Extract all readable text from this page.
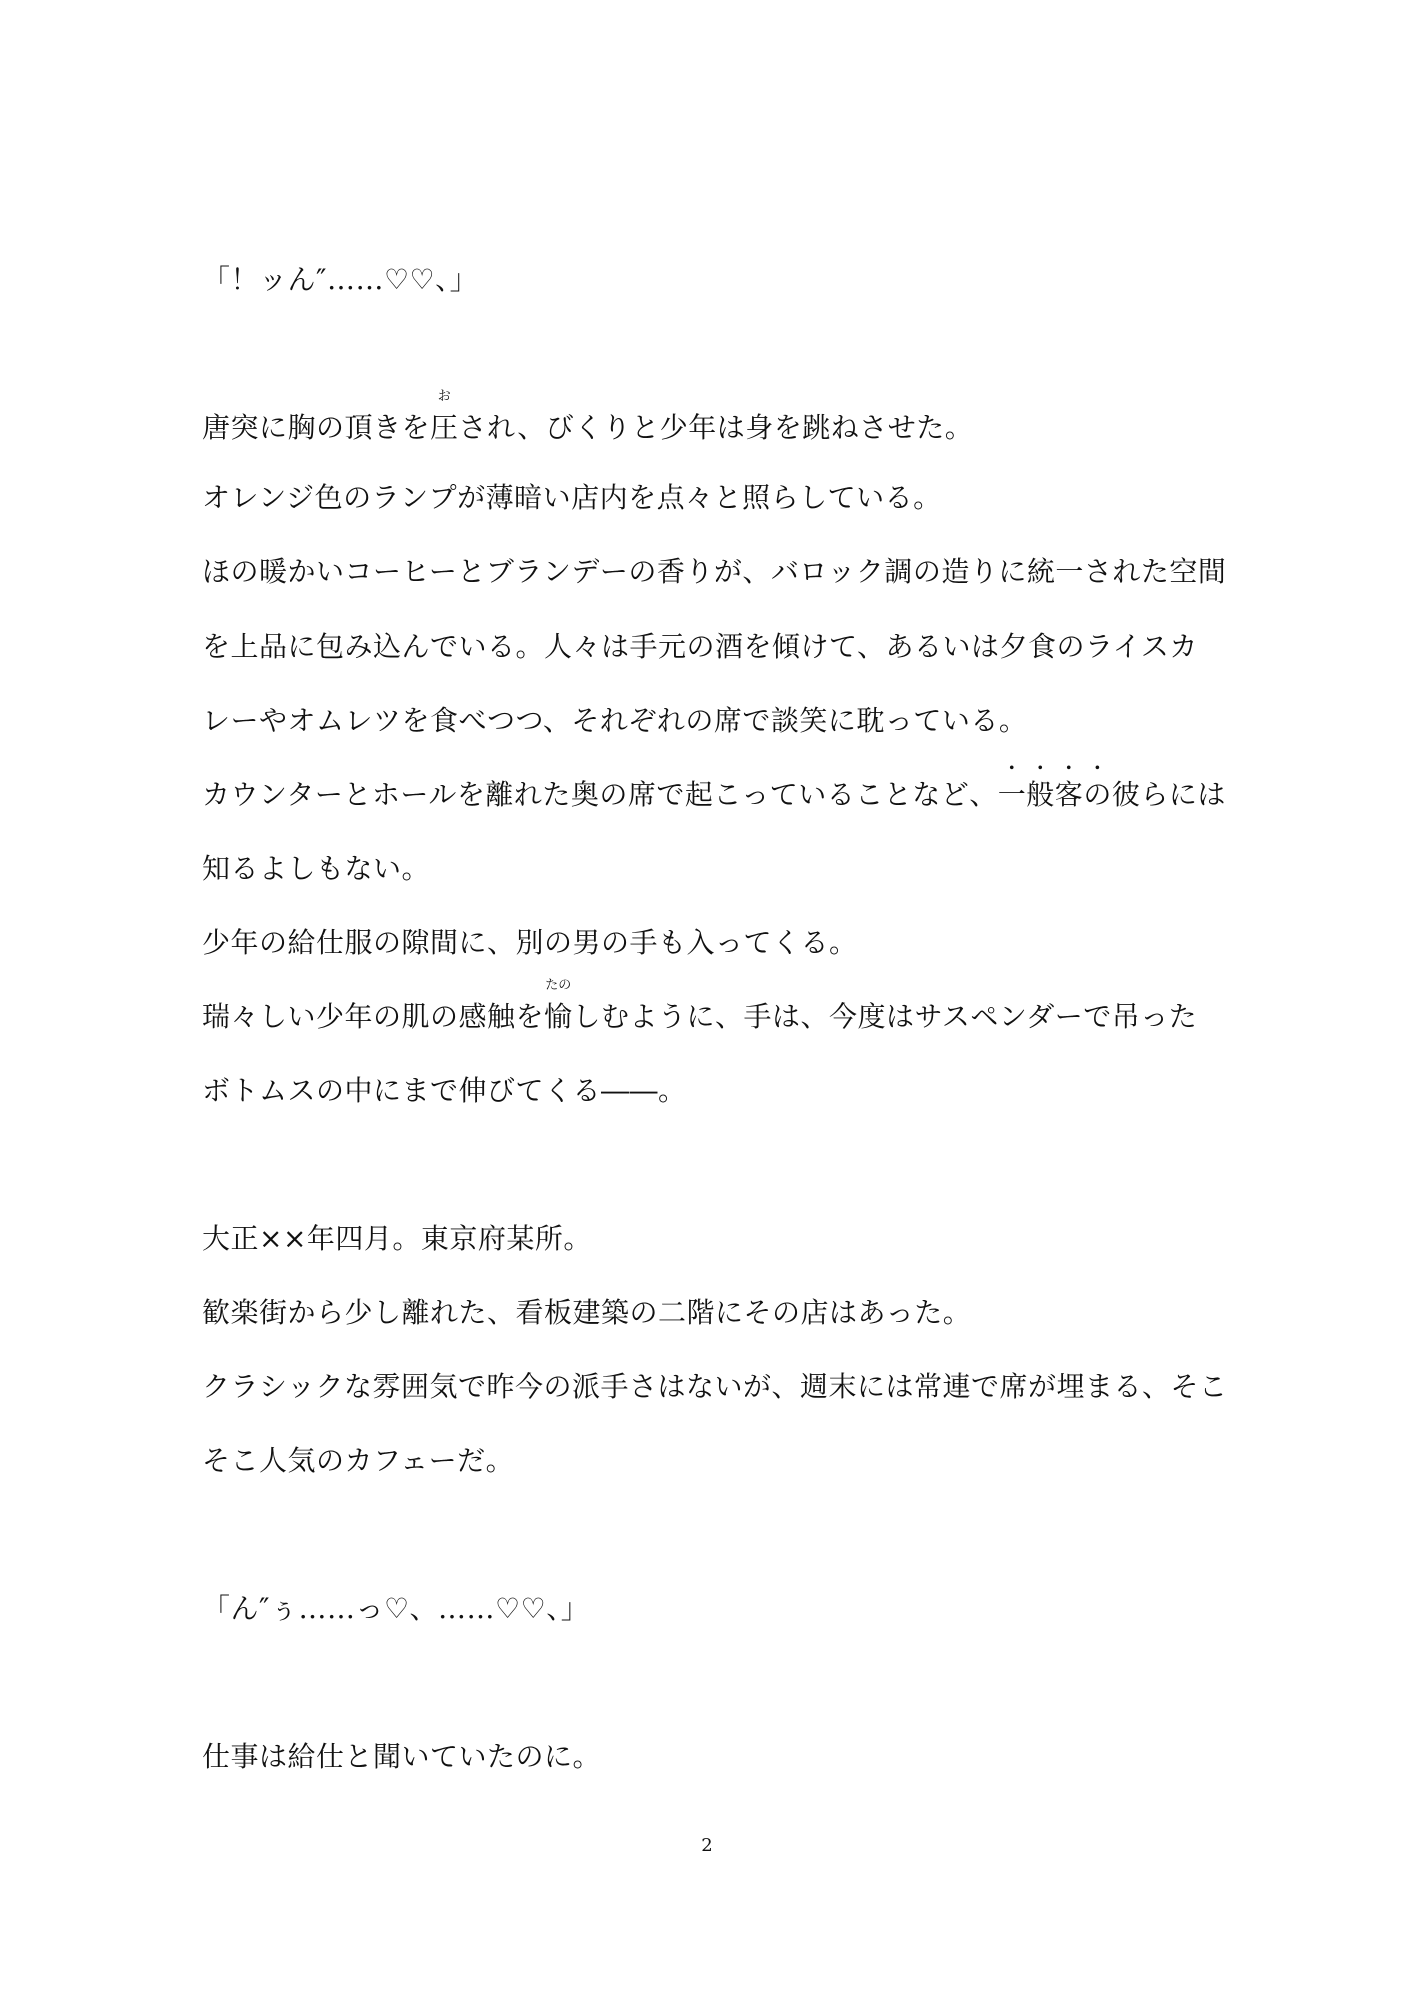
「！ッん″……♡♡、」
唐突に胸の頂きを
お
圧され、びくりと少年は身を跳ねさせた。
オレンジ色のランプが薄暗い店内を点々と照らしている。
ほの暖かいコーヒーとブランデーの香りが、バロック調の造りに統一された空間
を上品に包み込んでいる。人々は手元の酒を傾けて、あるいは夕食のライスカ
レーやオムレツを食べつつ、それぞれの席で談笑に耽っている。
カウンターとホールを離れた奥の席で起こっていることなど、
・
一
・
般
・
客
・
の彼らには
知るよしもない。
少年の給仕服の隙間に、別の男の手も入ってくる。
瑞々しい少年の肌の感触を
たの
愉しむように、手は、今度はサスペンダーで吊った
ボトムスの中にまで伸びてくる――。
大正××年四月。東京府某所。
歓楽街から少し離れた、看板建築の二階にその店はあった。
クラシックな雰囲気で昨今の派手さはないが、週末には常連で席が埋まる、そこ
そこ人気のカフェーだ。
「ん″ぅ……っ♡、……♡♡、」
仕事は給仕と聞いていたのに。
2
